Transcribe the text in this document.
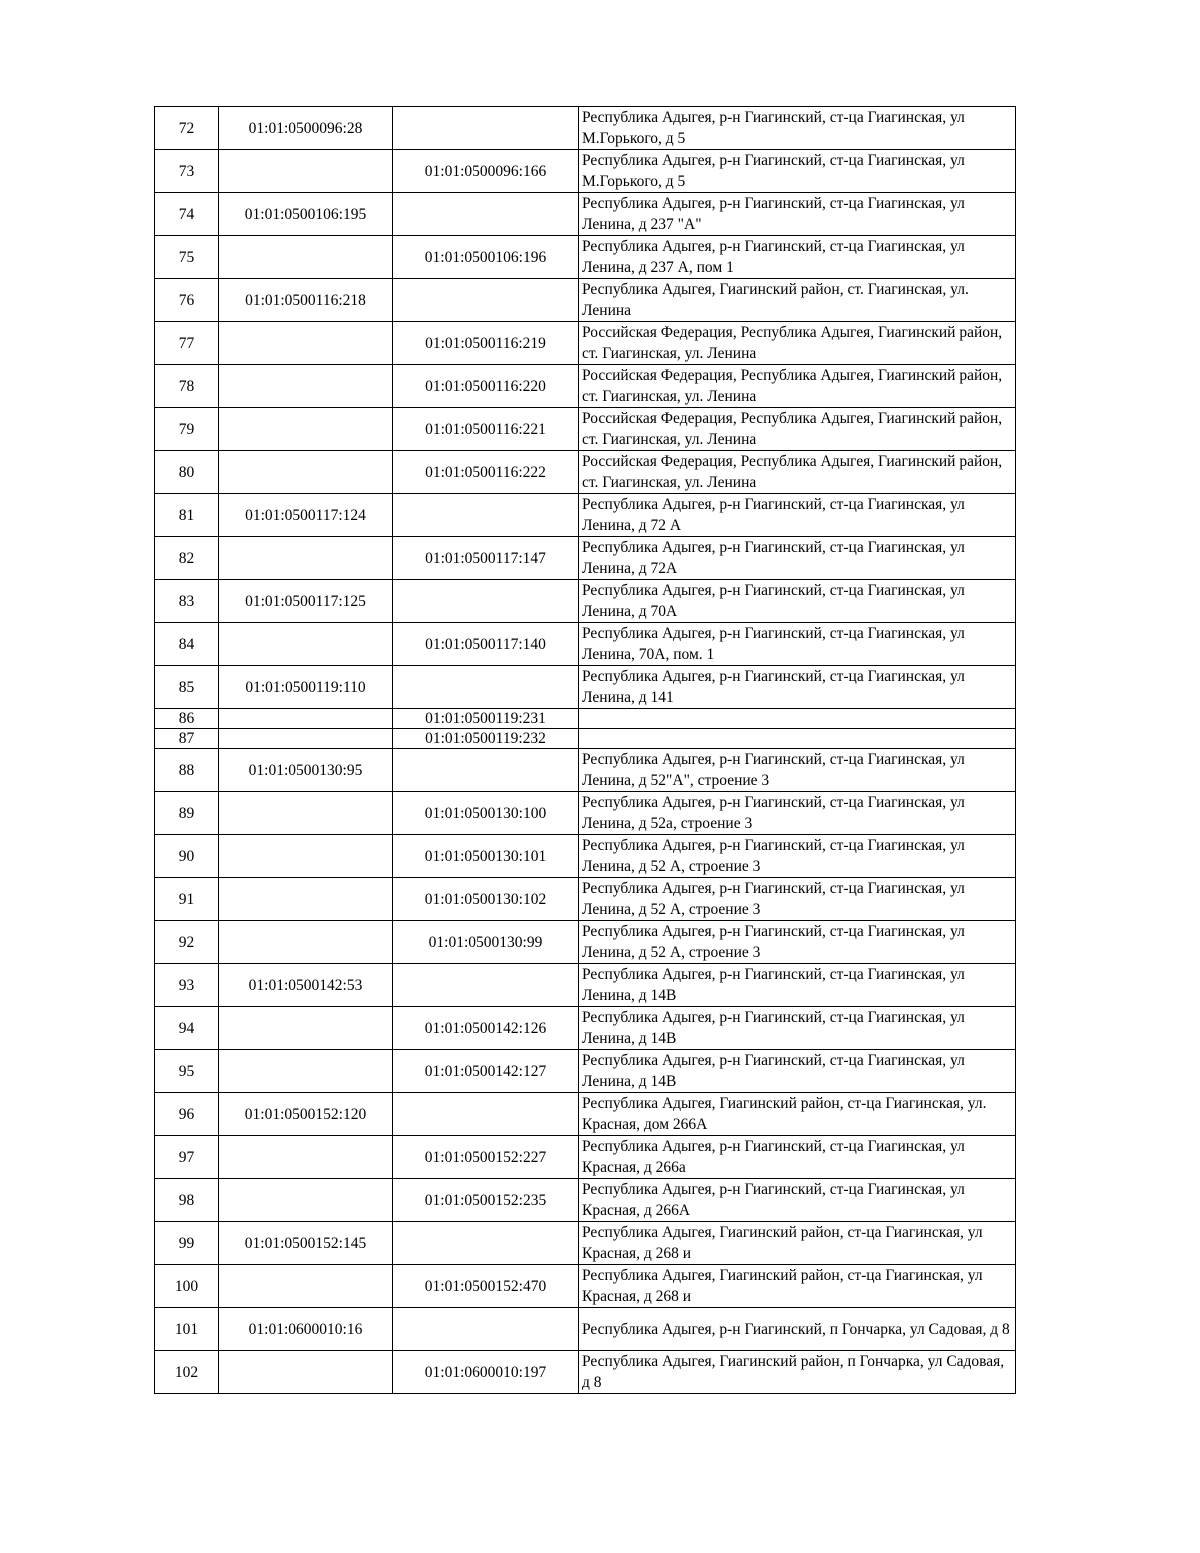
72	01:01:0500096:28		Республика Адыгея, р-н Гиагинский, ст-ца Гиагинская, ул М.Горького, д 5
73		01:01:0500096:166	Республика Адыгея, р-н Гиагинский, ст-ца Гиагинская, ул М.Горького, д 5
74	01:01:0500106:195		Республика Адыгея, р-н Гиагинский, ст-ца Гиагинская, ул Ленина, д 237 "А"
75		01:01:0500106:196	Республика Адыгея, р-н Гиагинский, ст-ца Гиагинская, ул Ленина, д 237 А, пом 1
76	01:01:0500116:218		Республика Адыгея, Гиагинский район, ст. Гиагинская, ул. Ленина
77		01:01:0500116:219	Российская Федерация, Республика Адыгея, Гиагинский район, ст. Гиагинская, ул. Ленина
78		01:01:0500116:220	Российская Федерация, Республика Адыгея, Гиагинский район, ст. Гиагинская, ул. Ленина
79		01:01:0500116:221	Российская Федерация, Республика Адыгея, Гиагинский район, ст. Гиагинская, ул. Ленина
80		01:01:0500116:222	Российская Федерация, Республика Адыгея, Гиагинский район, ст. Гиагинская, ул. Ленина
81	01:01:0500117:124		Республика Адыгея, р-н Гиагинский, ст-ца Гиагинская, ул Ленина, д 72 А
82		01:01:0500117:147	Республика Адыгея, р-н Гиагинский, ст-ца Гиагинская, ул Ленина, д 72А
83	01:01:0500117:125		Республика Адыгея, р-н Гиагинский, ст-ца Гиагинская, ул Ленина, д 70А
84		01:01:0500117:140	Республика Адыгея, р-н Гиагинский, ст-ца Гиагинская, ул Ленина, 70А, пом. 1
85	01:01:0500119:110		Республика Адыгея, р-н Гиагинский, ст-ца Гиагинская, ул Ленина, д 141
86		01:01:0500119:231	
87		01:01:0500119:232	
88	01:01:0500130:95		Республика Адыгея, р-н Гиагинский, ст-ца Гиагинская, ул Ленина, д 52"А", строение 3
89		01:01:0500130:100	Республика Адыгея, р-н Гиагинский, ст-ца Гиагинская, ул Ленина, д 52а, строение 3
90		01:01:0500130:101	Республика Адыгея, р-н Гиагинский, ст-ца Гиагинская, ул Ленина, д 52 А, строение 3
91		01:01:0500130:102	Республика Адыгея, р-н Гиагинский, ст-ца Гиагинская, ул Ленина, д 52 А, строение 3
92		01:01:0500130:99	Республика Адыгея, р-н Гиагинский, ст-ца Гиагинская, ул Ленина, д 52 А, строение 3
93	01:01:0500142:53		Республика Адыгея, р-н Гиагинский, ст-ца Гиагинская, ул Ленина, д 14В
94		01:01:0500142:126	Республика Адыгея, р-н Гиагинский, ст-ца Гиагинская, ул Ленина, д 14В
95		01:01:0500142:127	Республика Адыгея, р-н Гиагинский, ст-ца Гиагинская, ул Ленина, д 14В
96	01:01:0500152:120		Республика Адыгея, Гиагинский район, ст-ца Гиагинская, ул. Красная, дом 266А
97		01:01:0500152:227	Республика Адыгея, р-н Гиагинский, ст-ца Гиагинская, ул Красная, д 266а
98		01:01:0500152:235	Республика Адыгея, р-н Гиагинский, ст-ца Гиагинская, ул Красная, д 266А
99	01:01:0500152:145		Республика Адыгея, Гиагинский район, ст-ца Гиагинская, ул Красная, д 268 и
100		01:01:0500152:470	Республика Адыгея, Гиагинский район, ст-ца Гиагинская, ул Красная, д 268 и
101	01:01:0600010:16		Республика Адыгея, р-н Гиагинский, п Гончарка, ул Садовая, д 8
102		01:01:0600010:197	Республика Адыгея, Гиагинский район, п Гончарка, ул Садовая, д 8
